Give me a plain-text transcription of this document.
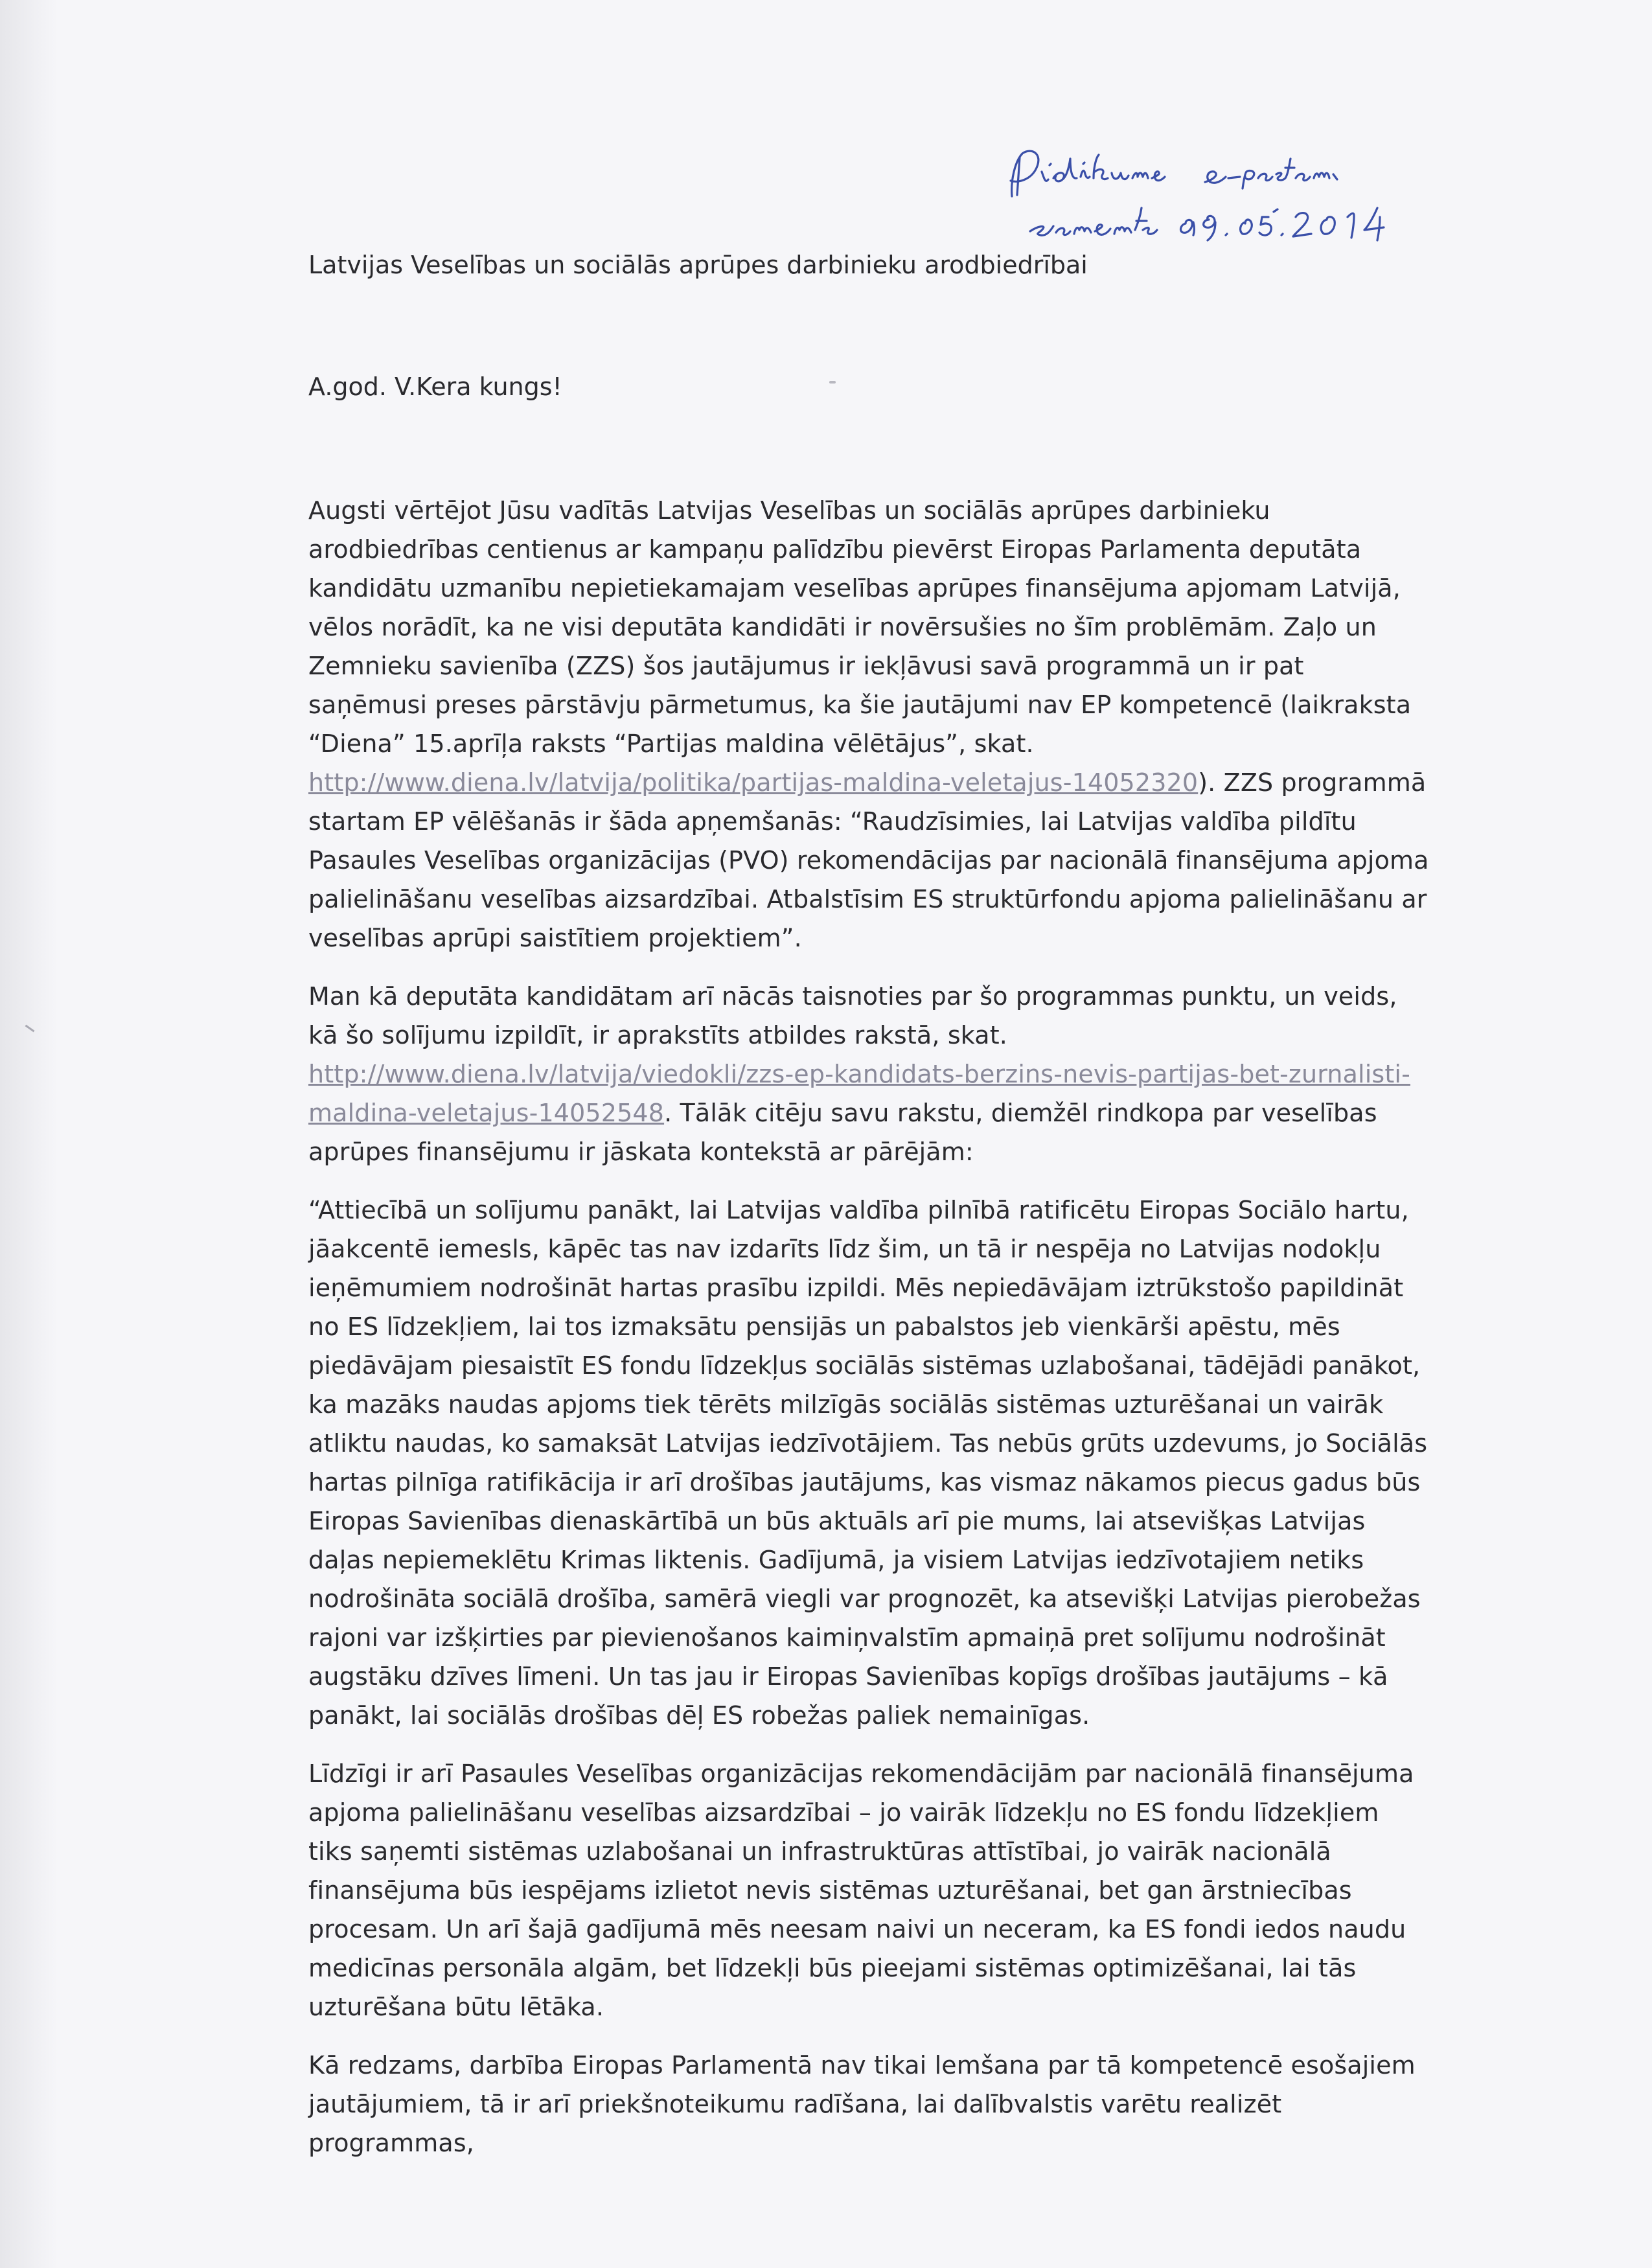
Latvijas Veselības un sociālās aprūpes darbinieku arodbiedrībai

A.god. V.Kera kungs!

Augsti vērtējot Jūsu vadītās Latvijas Veselības un sociālās aprūpes darbinieku arodbiedrības centienus ar kampaņu palīdzību pievērst Eiropas Parlamenta deputāta kandidātu uzmanību nepietiekamajam veselības aprūpes finansējuma apjomam Latvijā, vēlos norādīt, ka ne visi deputāta kandidāti ir novērsušies no šīm problēmām. Zaļo un Zemnieku savienība (ZZS) šos jautājumus ir iekļāvusi savā programmā un ir pat saņēmusi preses pārstāvju pārmetumus, ka šie jautājumi nav EP kompetencē (laikraksta “Diena” 15.aprīļa raksts “Partijas maldina vēlētājus”, skat. http://www.diena.lv/latvija/politika/partijas-maldina-veletajus-14052320). ZZS programmā startam EP vēlēšanās ir šāda apņemšanās: “Raudzīsimies, lai Latvijas valdība pildītu Pasaules Veselības organizācijas (PVO) rekomendācijas par nacionālā finansējuma apjoma palielināšanu veselības aizsardzībai. Atbalstīsim ES struktūrfondu apjoma palielināšanu ar veselības aprūpi saistītiem projektiem”.

Man kā deputāta kandidātam arī nācās taisnoties par šo programmas punktu, un veids, kā šo solījumu izpildīt, ir aprakstīts atbildes rakstā, skat. http://www.diena.lv/latvija/viedokli/zzs-ep-kandidats-berzins-nevis-partijas-bet-zurnalisti-maldina-veletajus-14052548. Tālāk citēju savu rakstu, diemžēl rindkopa par veselības aprūpes finansējumu ir jāskata kontekstā ar pārējām:

“Attiecībā un solījumu panākt, lai Latvijas valdība pilnībā ratificētu Eiropas Sociālo hartu, jāakcentē iemesls, kāpēc tas nav izdarīts līdz šim, un tā ir nespēja no Latvijas nodokļu ieņēmumiem nodrošināt hartas prasību izpildi. Mēs nepiedāvājam iztrūkstošo papildināt no ES līdzekļiem, lai tos izmaksātu pensijās un pabalstos jeb vienkārši apēstu, mēs piedāvājam piesaistīt ES fondu līdzekļus sociālās sistēmas uzlabošanai, tādējādi panākot, ka mazāks naudas apjoms tiek tērēts milzīgās sociālās sistēmas uzturēšanai un vairāk atliktu naudas, ko samaksāt Latvijas iedzīvotājiem. Tas nebūs grūts uzdevums, jo Sociālās hartas pilnīga ratifikācija ir arī drošības jautājums, kas vismaz nākamos piecus gadus būs Eiropas Savienības dienaskārtībā un būs aktuāls arī pie mums, lai atsevišķas Latvijas daļas nepiemeklētu Krimas liktenis. Gadījumā, ja visiem Latvijas iedzīvotajiem netiks nodrošināta sociālā drošība, samērā viegli var prognozēt, ka atsevišķi Latvijas pierobežas rajoni var izšķirties par pievienošanos kaimiņvalstīm apmaiņā pret solījumu nodrošināt augstāku dzīves līmeni. Un tas jau ir Eiropas Savienības kopīgs drošības jautājums – kā panākt, lai sociālās drošības dēļ ES robežas paliek nemainīgas.

Līdzīgi ir arī Pasaules Veselības organizācijas rekomendācijām par nacionālā finansējuma apjoma palielināšanu veselības aizsardzībai – jo vairāk līdzekļu no ES fondu līdzekļiem tiks saņemti sistēmas uzlabošanai un infrastruktūras attīstībai, jo vairāk nacionālā finansējuma būs iespējams izlietot nevis sistēmas uzturēšanai, bet gan ārstniecības procesam. Un arī šajā gadījumā mēs neesam naivi un neceram, ka ES fondi iedos naudu medicīnas personāla algām, bet līdzekļi būs pieejami sistēmas optimizēšanai, lai tās uzturēšana būtu lētāka.

Kā redzams, darbība Eiropas Parlamentā nav tikai lemšana par tā kompetencē esošajiem jautājumiem, tā ir arī priekšnoteikumu radīšana, lai dalībvalstis varētu realizēt programmas,
